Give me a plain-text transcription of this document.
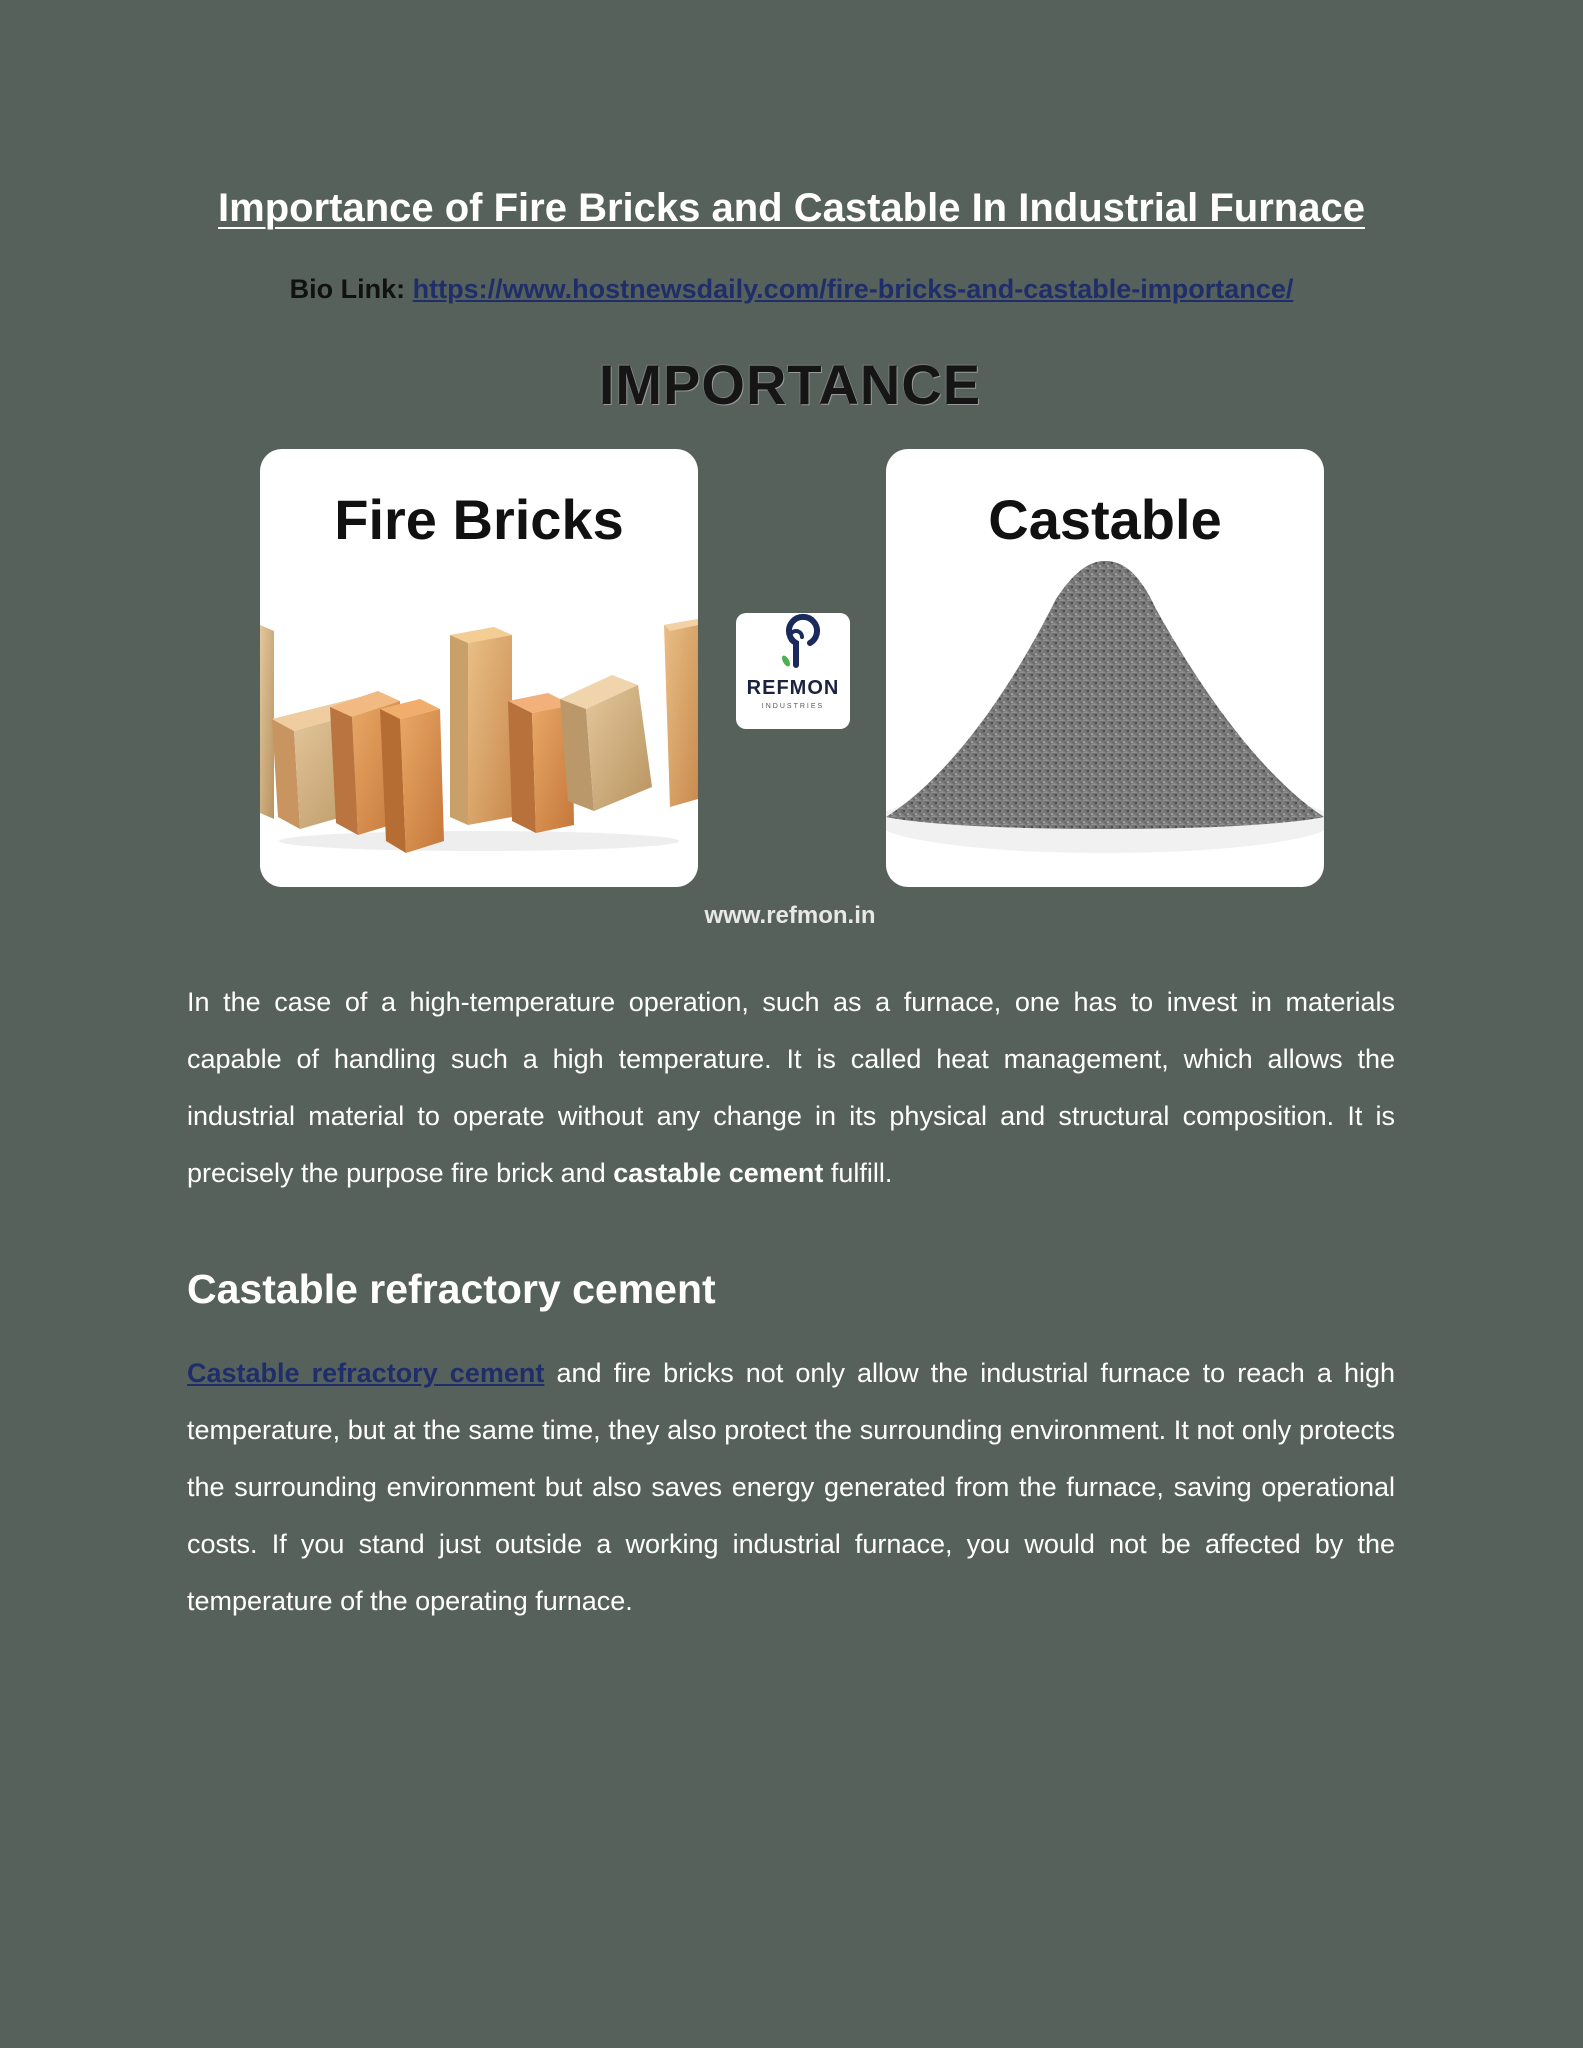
Importance of Fire Bricks and Castable In Industrial Furnace
Bio Link: https://www.hostnewsdaily.com/fire-bricks-and-castable-importance/
IMPORTANCE
Fire Bricks
REFMON
INDUSTRIES
Castable
www.refmon.in

In the case of a high-temperature operation, such as a furnace, one has to invest in materials capable of handling such a high temperature. It is called heat management, which allows the industrial material to operate without any change in its physical and structural composition. It is precisely the purpose fire brick and castable cement fulfill.

Castable refractory cement

Castable refractory cement and fire bricks not only allow the industrial furnace to reach a high temperature, but at the same time, they also protect the surrounding environment. It not only protects the surrounding environment but also saves energy generated from the furnace, saving operational costs. If you stand just outside a working industrial furnace, you would not be affected by the temperature of the operating furnace.
